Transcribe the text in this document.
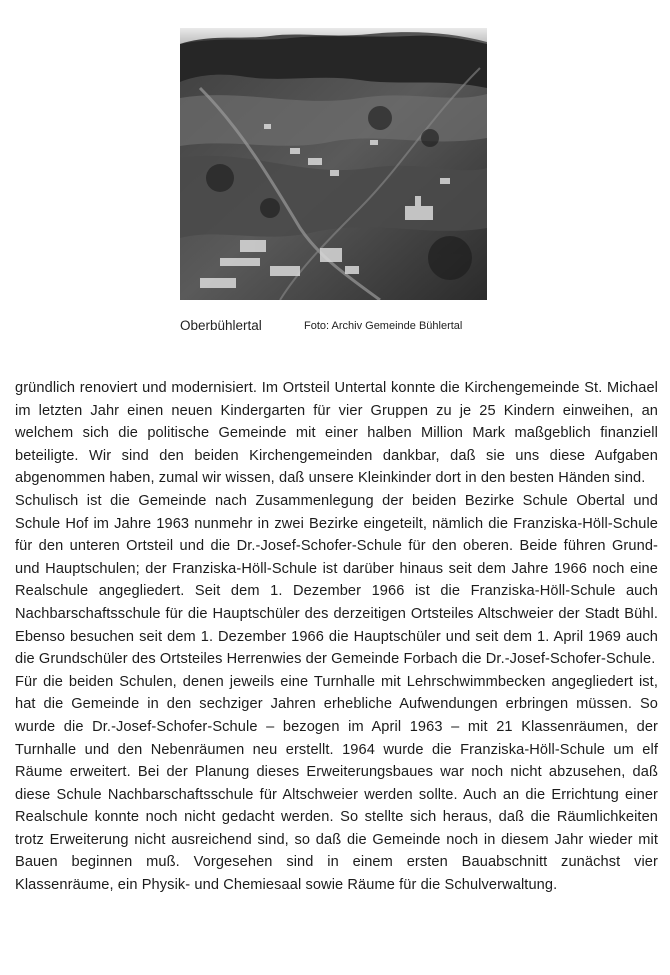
Oberbühlertal	Foto: Archiv Gemeinde Bühlertal

gründlich renoviert und modernisiert. Im Ortsteil Untertal konnte die Kirchengemeinde St. Michael im letzten Jahr einen neuen Kindergarten für vier Gruppen zu je 25 Kindern einweihen, an welchem sich die politische Gemeinde mit einer halben Million Mark maßgeblich finanziell beteiligte. Wir sind den beiden Kirchengemeinden dankbar, daß sie uns diese Aufgaben abgenommen haben, zumal wir wissen, daß unsere Kleinkinder dort in den besten Händen sind.

Schulisch ist die Gemeinde nach Zusammenlegung der beiden Bezirke Schule Obertal und Schule Hof im Jahre 1963 nunmehr in zwei Bezirke eingeteilt, nämlich die Franziska-Höll-Schule für den unteren Ortsteil und die Dr.-Josef-Schofer-Schule für den oberen. Beide führen Grund- und Hauptschulen; der Franziska-Höll-Schule ist darüber hinaus seit dem Jahre 1966 noch eine Realschule angegliedert. Seit dem 1. Dezember 1966 ist die Franziska-Höll-Schule auch Nachbarschaftsschule für die Hauptschüler des derzeitigen Ortsteiles Altschweier der Stadt Bühl. Ebenso besuchen seit dem 1. Dezember 1966 die Hauptschüler und seit dem 1. April 1969 auch die Grundschüler des Ortsteiles Herrenwies der Gemeinde Forbach die Dr.-Josef-Schofer-Schule.

Für die beiden Schulen, denen jeweils eine Turnhalle mit Lehrschwimmbecken angegliedert ist, hat die Gemeinde in den sechziger Jahren erhebliche Aufwendungen erbringen müssen. So wurde die Dr.-Josef-Schofer-Schule – bezogen im April 1963 – mit 21 Klassenräumen, der Turnhalle und den Nebenräumen neu erstellt. 1964 wurde die Franziska-Höll-Schule um elf Räume erweitert. Bei der Planung dieses Erweiterungsbaues war noch nicht abzusehen, daß diese Schule Nachbarschaftsschule für Altschweier werden sollte. Auch an die Errichtung einer Realschule konnte noch nicht gedacht werden. So stellte sich heraus, daß die Räumlichkeiten trotz Erweiterung nicht ausreichend sind, so daß die Gemeinde noch in diesem Jahr wieder mit Bauen beginnen muß. Vorgesehen sind in einem ersten Bauabschnitt zunächst vier Klassenräume, ein Physik- und Chemiesaal sowie Räume für die Schulverwaltung.
